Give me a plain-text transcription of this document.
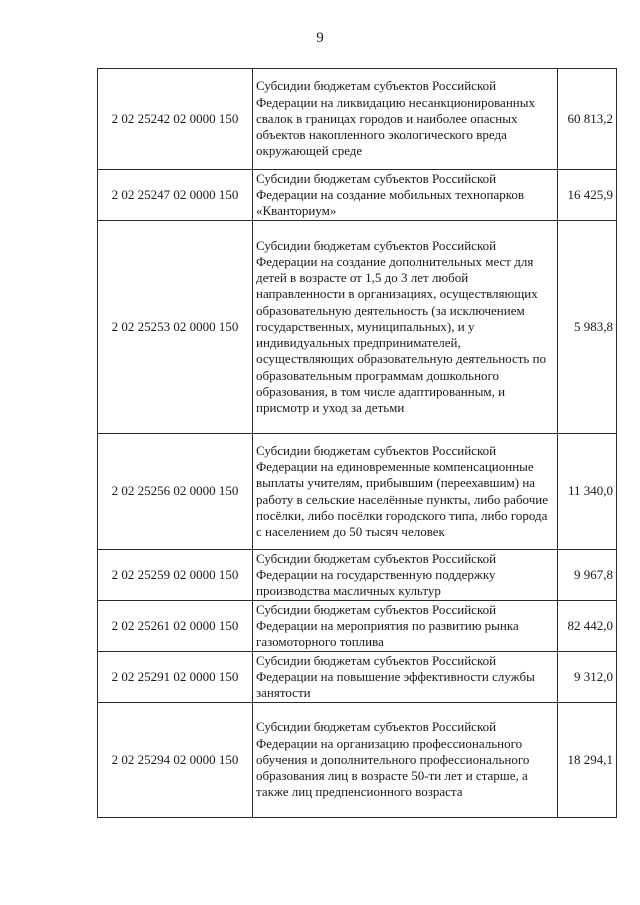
9
2 02 25242 02 0000 150	Субсидии бюджетам субъектов Российской Федерации на ликвидацию несанкционированных свалок в границах городов и наиболее опасных объектов накопленного экологического вреда окружающей среде	60 813,2
2 02 25247 02 0000 150	Субсидии бюджетам субъектов Российской Федерации на создание мобильных технопарков «Кванториум»	16 425,9
2 02 25253 02 0000 150	Субсидии бюджетам субъектов Российской Федерации на создание дополнительных мест для детей в возрасте от 1,5 до 3 лет любой направленности в организациях, осуществляющих образовательную деятельность (за исключением государственных, муниципальных), и у индивидуальных предпринимателей, осуществляющих образовательную деятельность по образовательным программам дошкольного образования, в том числе адаптированным, и присмотр и уход за детьми	5 983,8
2 02 25256 02 0000 150	Субсидии бюджетам субъектов Российской Федерации на единовременные компенсационные выплаты учителям, прибывшим (переехавшим) на работу в сельские населённые пункты, либо рабочие посёлки, либо посёлки городского типа, либо города с населением до 50 тысяч человек	11 340,0
2 02 25259 02 0000 150	Субсидии бюджетам субъектов Российской Федерации на государственную поддержку производства масличных культур	9 967,8
2 02 25261 02 0000 150	Субсидии бюджетам субъектов Российской Федерации на мероприятия по развитию рынка газомоторного топлива	82 442,0
2 02 25291 02 0000 150	Субсидии бюджетам субъектов Российской Федерации на повышение эффективности службы занятости	9 312,0
2 02 25294 02 0000 150	Субсидии бюджетам субъектов Российской Федерации на организацию профессионального обучения и дополнительного профессионального образования лиц в возрасте 50-ти лет и старше, а также лиц предпенсионного возраста	18 294,1
